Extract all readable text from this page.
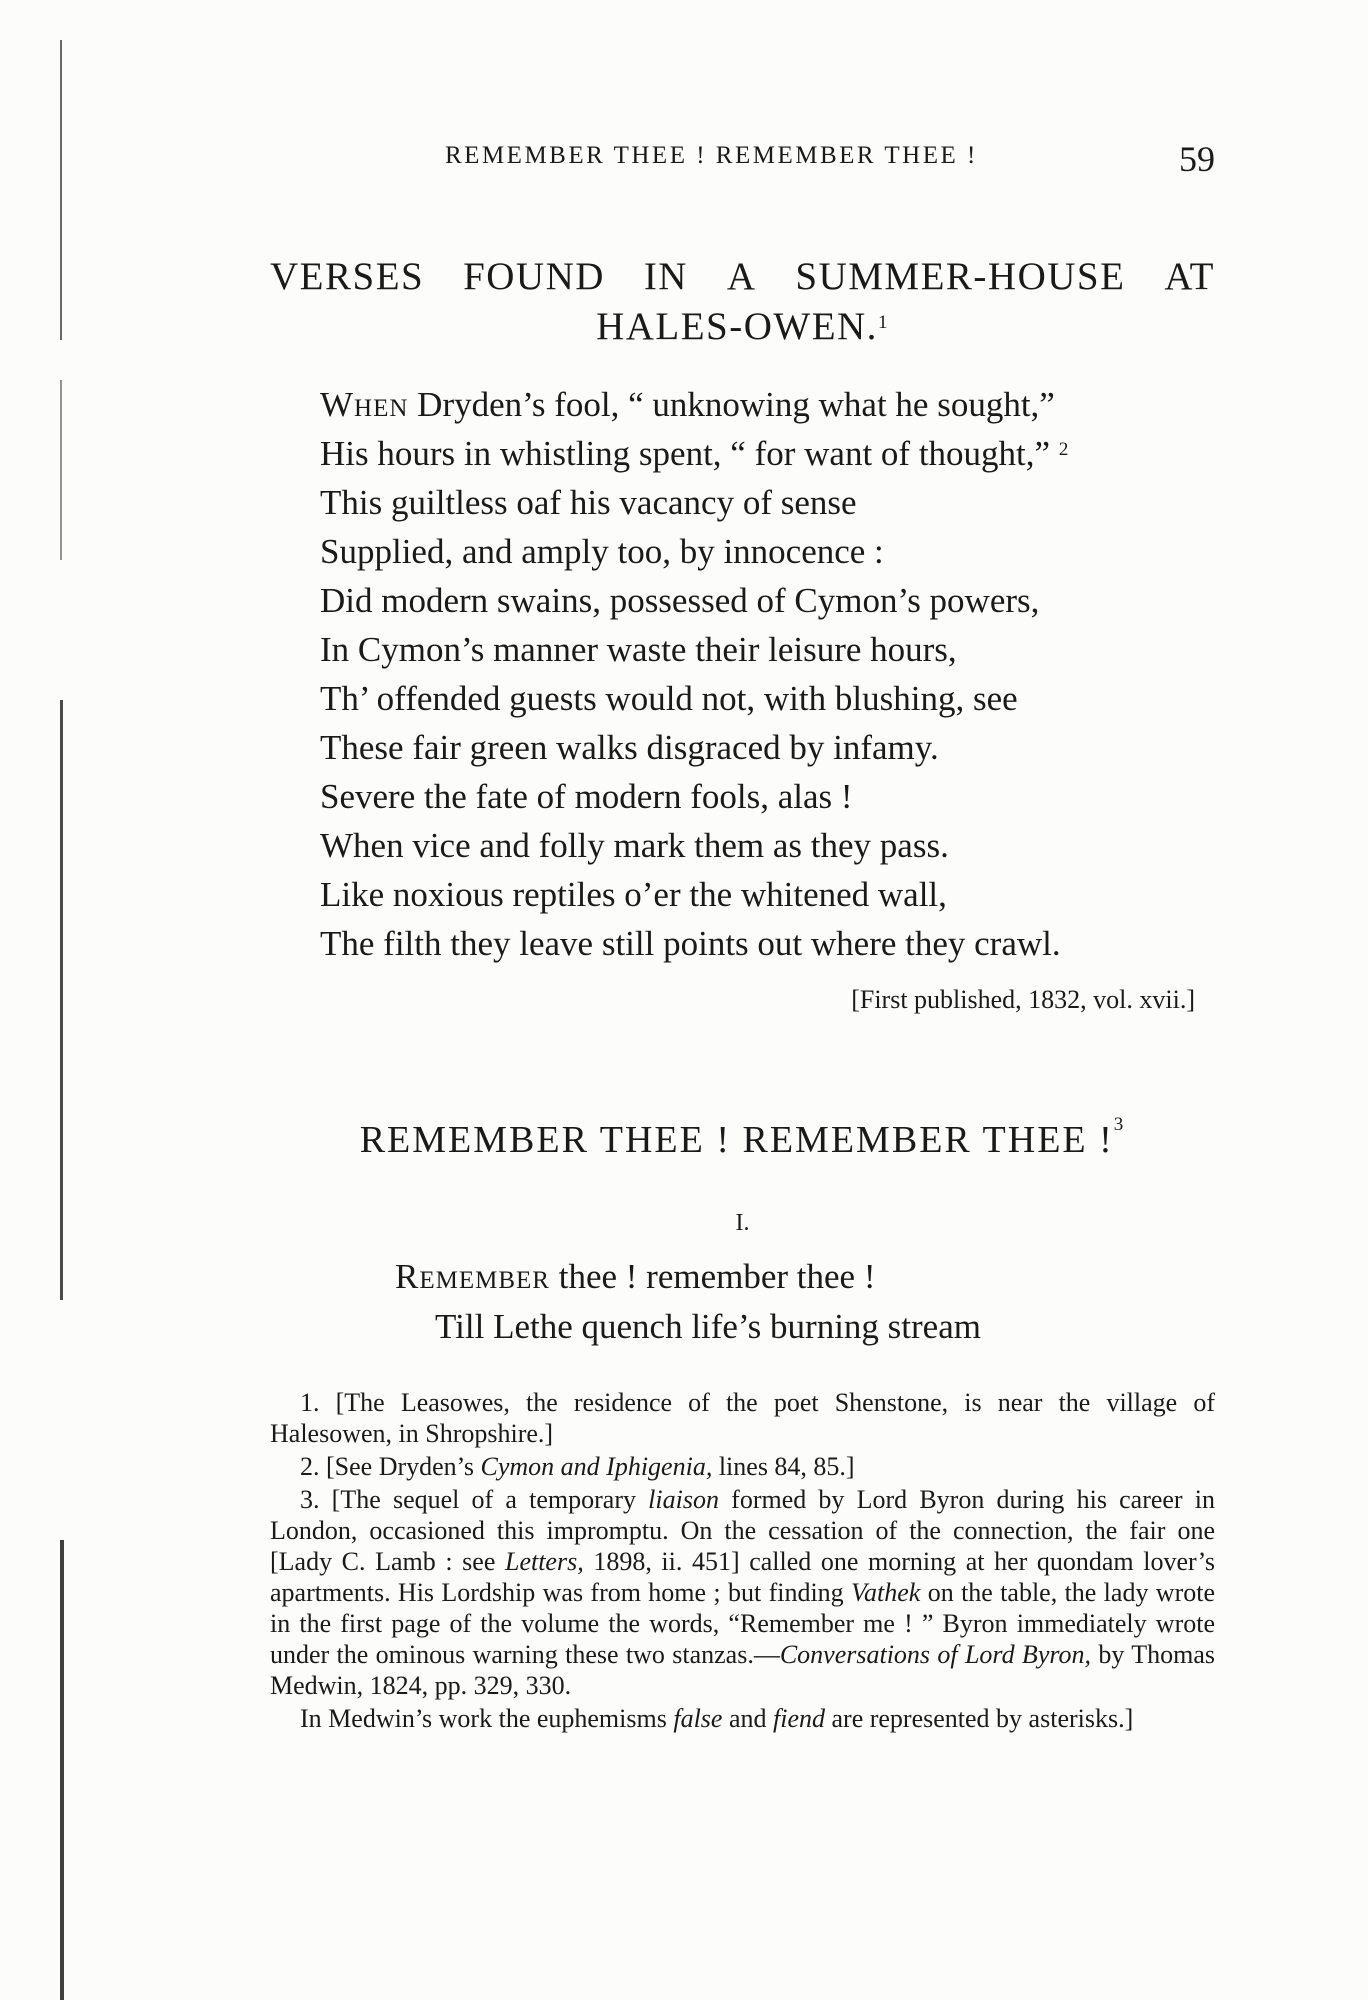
REMEMBER THEE ! REMEMBER THEE !	59
VERSES FOUND IN A SUMMER-HOUSE AT
HALES-OWEN.$^1$
When Dryden’s fool, “ unknowing what he sought,”
His hours in whistling spent, “ for want of thought,” $^2$
This guiltless oaf his vacancy of sense
Supplied, and amply too, by innocence :
Did modern swains, possessed of Cymon’s powers,
In Cymon’s manner waste their leisure hours,
Th’ offended guests would not, with blushing, see
These fair green walks disgraced by infamy.
Severe the fate of modern fools, alas !
When vice and folly mark them as they pass.
Like noxious reptiles o’er the whitened wall,
The filth they leave still points out where they crawl.
[First published, 1832, vol. xvii.]
REMEMBER THEE ! REMEMBER THEE !$^3$
I.
Remember thee ! remember thee !
Till Lethe quench life’s burning stream

1. [The Leasowes, the residence of the poet Shenstone, is near the village of Halesowen, in Shropshire.]

2. [See Dryden’s Cymon and Iphigenia, lines 84, 85.]

3. [The sequel of a temporary liaison formed by Lord Byron during his career in London, occasioned this impromptu. On the cessation of the connection, the fair one [Lady C. Lamb : see Letters, 1898, ii. 451] called one morning at her quondam lover’s apartments. His Lordship was from home ; but finding Vathek on the table, the lady wrote in the first page of the volume the words, “Remember me ! ” Byron immediately wrote under the ominous warning these two stanzas.—Conversations of Lord Byron, by Thomas Medwin, 1824, pp. 329, 330.

In Medwin’s work the euphemisms false and fiend are represented by asterisks.]
